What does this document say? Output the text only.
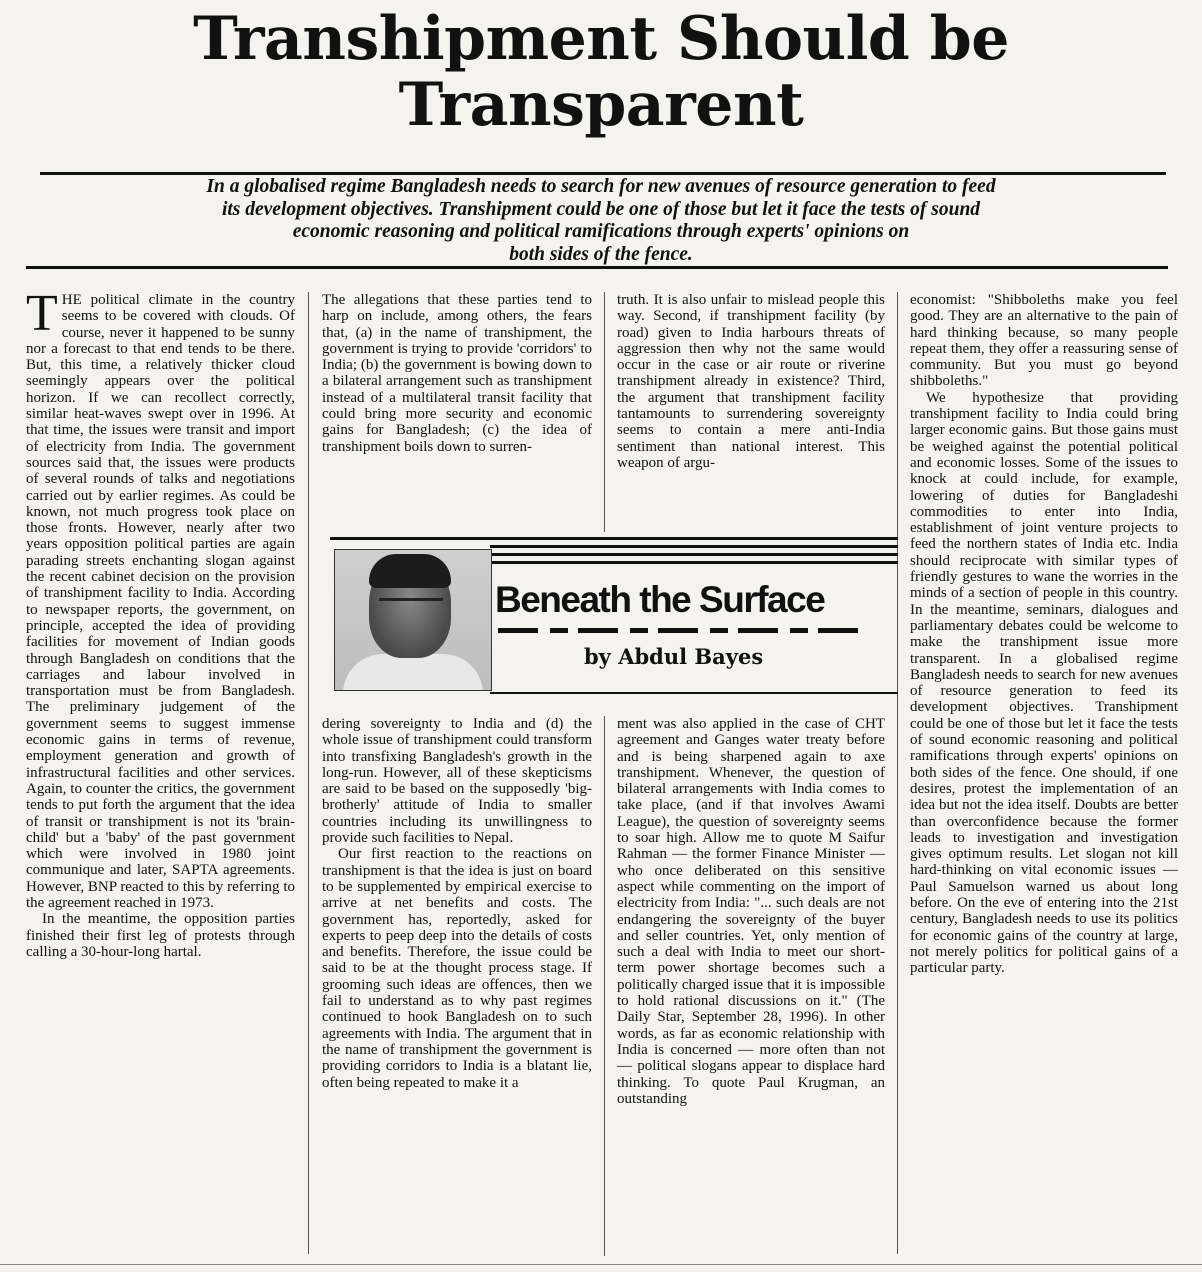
Transhipment Should be
Transparent
In a globalised regime Bangladesh needs to search for new avenues of resource generation to feed
its development objectives. Transhipment could be one of those but let it face the tests of sound
economic reasoning and political ramifications through experts' opinions on
both sides of the fence.

THE political climate in the country seems to be covered with clouds. Of course, never it happened to be sunny nor a forecast to that end tends to be there. But, this time, a relatively thicker cloud seemingly appears over the political horizon. If we can recollect correctly, similar heat-waves swept over in 1996. At that time, the issues were transit and import of electricity from India. The government sources said that, the issues were products of several rounds of talks and negotiations carried out by earlier regimes. As could be known, not much progress took place on those fronts. However, nearly after two years opposition political parties are again parading streets enchanting slogan against the recent cabinet decision on the provision of transhipment facility to India. According to newspaper reports, the government, on principle, accepted the idea of providing facilities for movement of Indian goods through Bangladesh on conditions that the carriages and labour involved in transportation must be from Bangladesh. The preliminary judgement of the government seems to suggest immense economic gains in terms of revenue, employment generation and growth of infrastructural facilities and other services. Again, to counter the critics, the government tends to put forth the argument that the idea of transit or transhipment is not its 'brain-child' but a 'baby' of the past government which were involved in 1980 joint communique and later, SAPTA agreements. However, BNP reacted to this by referring to the agreement reached in 1973.

In the meantime, the opposition parties finished their first leg of protests through calling a 30-hour-long hartal.

The allegations that these parties tend to harp on include, among others, the fears that, (a) in the name of transhipment, the government is trying to provide 'corridors' to India; (b) the government is bowing down to a bilateral arrangement such as transhipment instead of a multilateral transit facility that could bring more security and economic gains for Bangladesh; (c) the idea of transhipment boils down to surren-

dering sovereignty to India and (d) the whole issue of transhipment could transform into transfixing Bangladesh's growth in the long-run. However, all of these skepticisms are said to be based on the supposedly 'big-brotherly' attitude of India to smaller countries including its unwillingness to provide such facilities to Nepal.

Our first reaction to the reactions on transhipment is that the idea is just on board to be supplemented by empirical exercise to arrive at net benefits and costs. The government has, reportedly, asked for experts to peep deep into the details of costs and benefits. Therefore, the issue could be said to be at the thought process stage. If grooming such ideas are offences, then we fail to understand as to why past regimes continued to hook Bangladesh on to such agreements with India. The argument that in the name of transhipment the government is providing corridors to India is a blatant lie, often being repeated to make it a

truth. It is also unfair to mislead people this way. Second, if transhipment facility (by road) given to India harbours threats of aggression then why not the same would occur in the case or air route or riverine transhipment already in existence? Third, the argument that transhipment facility tantamounts to surrendering sovereignty seems to contain a mere anti-India sentiment than national interest. This weapon of argu-

ment was also applied in the case of CHT agreement and Ganges water treaty before and is being sharpened again to axe transhipment. Whenever, the question of bilateral arrangements with India comes to take place, (and if that involves Awami League), the question of sovereignty seems to soar high. Allow me to quote M Saifur Rahman — the former Finance Minister — who once deliberated on this sensitive aspect while commenting on the import of electricity from India: "... such deals are not endangering the sovereignty of the buyer and seller countries. Yet, only mention of such a deal with India to meet our short-term power shortage becomes such a politically charged issue that it is impossible to hold rational discussions on it." (The Daily Star, September 28, 1996). In other words, as far as economic relationship with India is concerned — more often than not — political slogans appear to displace hard thinking. To quote Paul Krugman, an outstanding

economist: "Shibboleths make you feel good. They are an alternative to the pain of hard thinking because, so many people repeat them, they offer a reassuring sense of community. But you must go beyond shibboleths."

We hypothesize that providing transhipment facility to India could bring larger economic gains. But those gains must be weighed against the potential political and economic losses. Some of the issues to knock at could include, for example, lowering of duties for Bangladeshi commodities to enter into India, establishment of joint venture projects to feed the northern states of India etc. India should reciprocate with similar types of friendly gestures to wane the worries in the minds of a section of people in this country. In the meantime, seminars, dialogues and parliamentary debates could be welcome to make the transhipment issue more transparent. In a globalised regime Bangladesh needs to search for new avenues of resource generation to feed its development objectives. Transhipment could be one of those but let it face the tests of sound economic reasoning and political ramifications through experts' opinions on both sides of the fence. One should, if one desires, protest the implementation of an idea but not the idea itself. Doubts are better than overconfidence because the former leads to investigation and investigation gives optimum results. Let slogan not kill hard-thinking on vital economic issues — Paul Samuelson warned us about long before. On the eve of entering into the 21st century, Bangladesh needs to use its politics for economic gains of the country at large, not merely politics for political gains of a particular party.

Beneath the Surface

by Abdul Bayes
